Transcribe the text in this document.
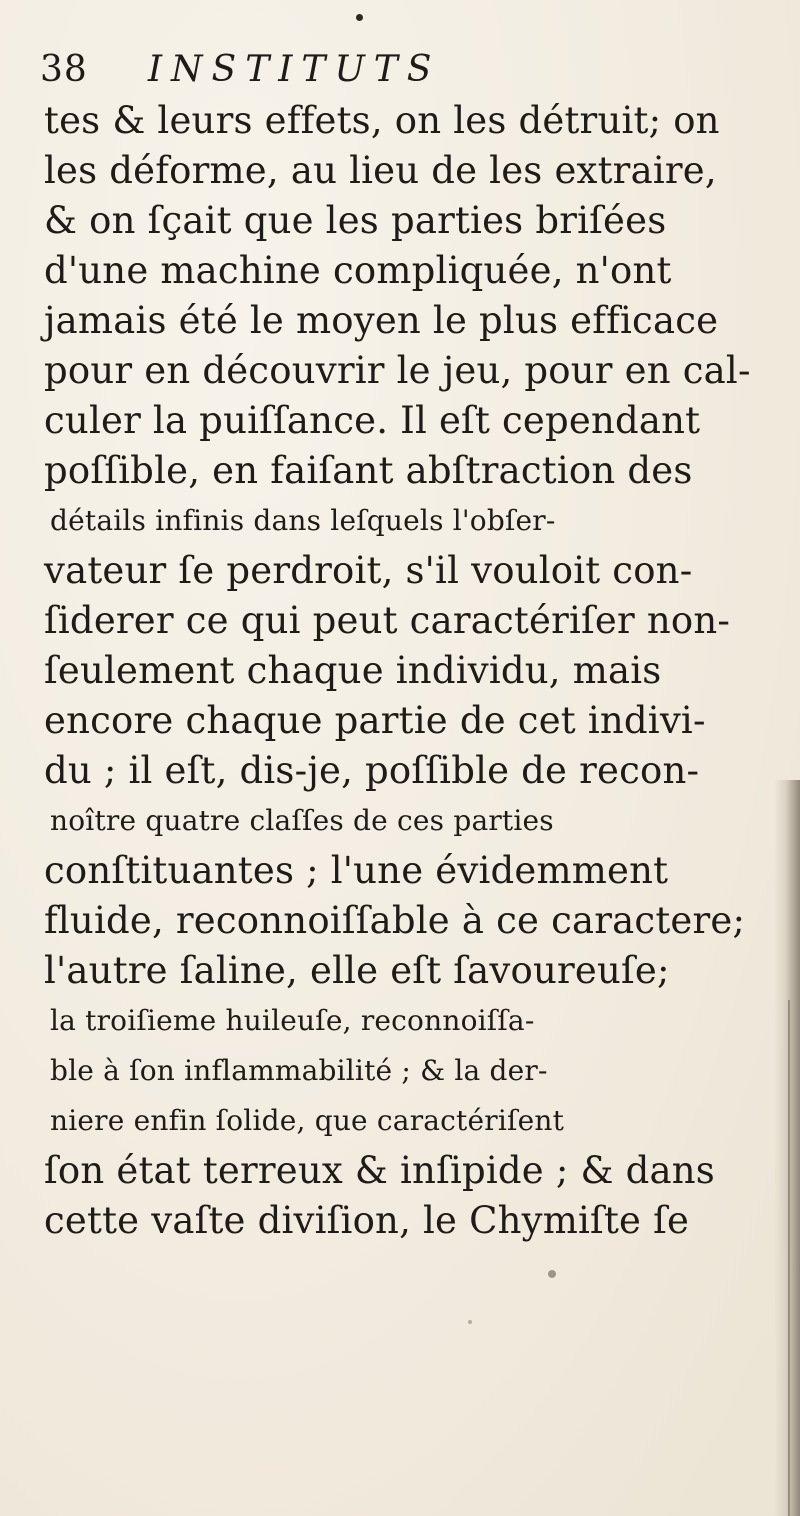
38 INSTITUTS
tes & leurs effets, on les détruit; on
les déforme, au lieu de les extraire,
& on ſçait que les parties briſées
d'une machine compliquée, n'ont
jamais été le moyen le plus efficace
pour en découvrir le jeu, pour en cal-
culer la puiſſance. Il eſt cependant
poſſible, en faiſant abſtraction des
détails infinis dans leſquels l'obſer-
vateur ſe perdroit, s'il vouloit con-
ſiderer ce qui peut caractériſer non-
ſeulement chaque individu, mais
encore chaque partie de cet indivi-
du ; il eſt, dis-je, poſſible de recon-
noître quatre claſſes de ces parties
conſtituantes ; l'une évidemment
fluide, reconnoiſſable à ce caractere;
l'autre ſaline, elle eſt ſavoureuſe;
la troiſieme huileuſe, reconnoiſſa-
ble à ſon inflammabilité ; & la der-
niere enfin ſolide, que caractériſent
ſon état terreux & inſipide ; & dans
cette vaſte diviſion, le Chymiſte ſe
